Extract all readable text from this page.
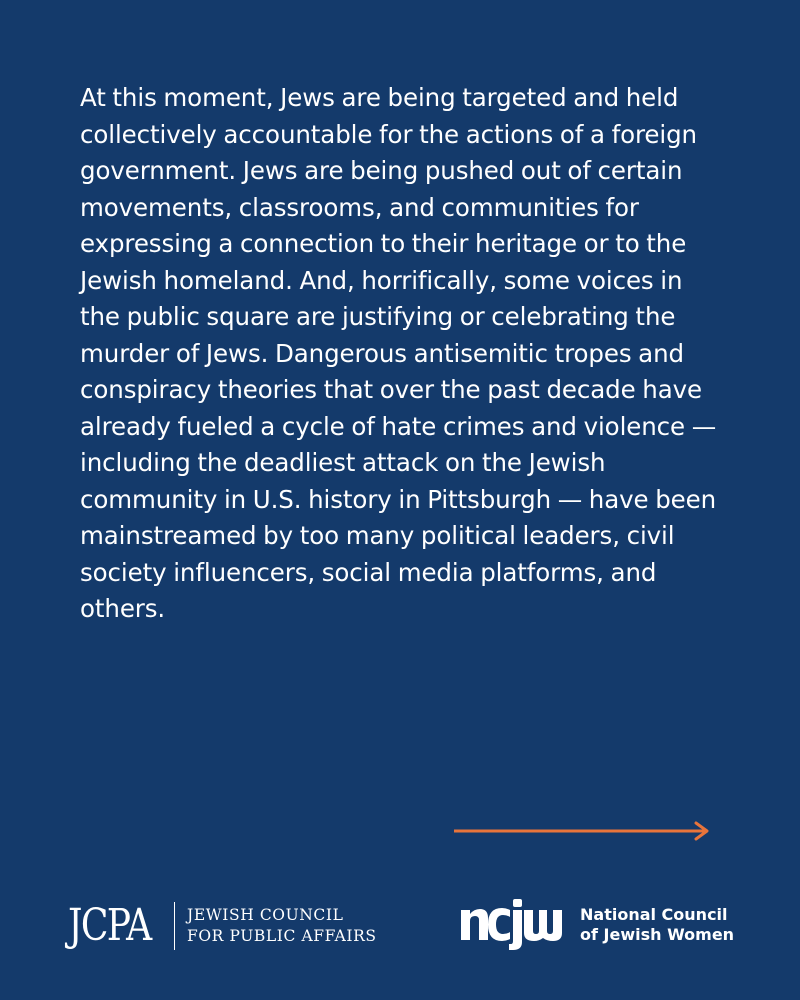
At this moment, Jews are being targeted and held collectively accountable for the actions of a foreign government. Jews are being pushed out of certain movements, classrooms, and communities for expressing a connection to their heritage or to the Jewish homeland. And, horrifically, some voices in the public square are justifying or celebrating the murder of Jews. Dangerous antisemitic tropes and conspiracy theories that over the past decade have already fueled a cycle of hate crimes and violence — including the deadliest attack on the Jewish community in U.S. history in Pittsburgh — have been mainstreamed by too many political leaders, civil society influencers, social media platforms, and others.

JCPA JEWISH COUNCIL
FOR PUBLIC AFFAIRS
National Council
of Jewish Women
